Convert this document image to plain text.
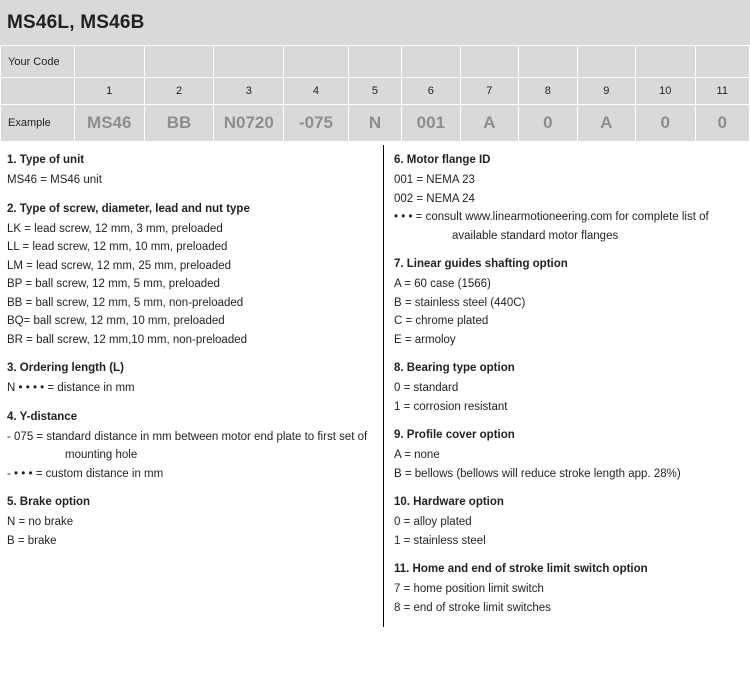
MS46L, MS46B
Your Code											
	1	2	3	4	5	6	7	8	9	10	11
Example	MS46	BB	N0720	-075	N	001	A	0	A	0	0
1. Type of unit
MS46 = MS46 unit
2. Type of screw, diameter, lead and nut type
LK = lead screw, 12 mm, 3 mm, preloaded
LL = lead screw, 12 mm, 10 mm, preloaded
LM = lead screw, 12 mm, 25 mm, preloaded
BP = ball screw, 12 mm, 5 mm, preloaded
BB = ball screw, 12 mm, 5 mm, non-preloaded
BQ= ball screw, 12 mm, 10 mm, preloaded
BR = ball screw, 12 mm,10 mm, non-preloaded
3. Ordering length (L)
N • • • • = distance in mm
4. Y-distance
- 075 = standard distance in mm between motor end plate to first set of
mounting hole
- • • • = custom distance in mm
5. Brake option
N = no brake
B = brake
6. Motor flange ID
001 = NEMA 23
002 = NEMA 24
• • • = consult www.linearmotioneering.com for complete list of
available standard motor flanges
7. Linear guides shafting option
A = 60 case (1566)
B = stainless steel (440C)
C = chrome plated
E = armoloy
8. Bearing type option
0 = standard
1 = corrosion resistant
9. Profile cover option
A = none
B = bellows (bellows will reduce stroke length app. 28%)
10. Hardware option
0 = alloy plated
1 = stainless steel
11. Home and end of stroke limit switch option
7 = home position limit switch
8 = end of stroke limit switches
